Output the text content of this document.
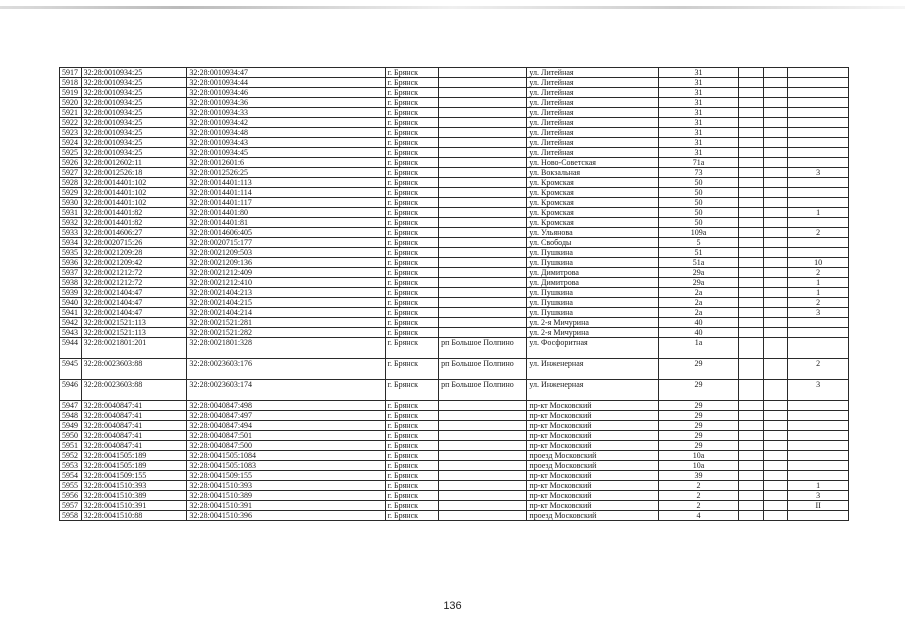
5917	32:28:0010934:25	32:28:0010934:47	г. Брянск		ул. Литейная	31			
5918	32:28:0010934:25	32:28:0010934:44	г. Брянск		ул. Литейная	31			
5919	32:28:0010934:25	32:28:0010934:46	г. Брянск		ул. Литейная	31			
5920	32:28:0010934:25	32:28:0010934:36	г. Брянск		ул. Литейная	31			
5921	32:28:0010934:25	32:28:0010934:33	г. Брянск		ул. Литейная	31			
5922	32:28:0010934:25	32:28:0010934:42	г. Брянск		ул. Литейная	31			
5923	32:28:0010934:25	32:28:0010934:48	г. Брянск		ул. Литейная	31			
5924	32:28:0010934:25	32:28:0010934:43	г. Брянск		ул. Литейная	31			
5925	32:28:0010934:25	32:28:0010934:45	г. Брянск		ул. Литейная	31			
5926	32:28:0012602:11	32:28:0012601:6	г. Брянск		ул. Ново-Советская	71а			
5927	32:28:0012526:18	32:28:0012526:25	г. Брянск		ул. Вокзальная	73			3
5928	32:28:0014401:102	32:28:0014401:113	г. Брянск		ул. Кромская	50			
5929	32:28:0014401:102	32:28:0014401:114	г. Брянск		ул. Кромская	50			
5930	32:28:0014401:102	32:28:0014401:117	г. Брянск		ул. Кромская	50			
5931	32:28:0014401:82	32:28:0014401:80	г. Брянск		ул. Кромская	50			1
5932	32:28:0014401:82	32:28:0014401:81	г. Брянск		ул. Кромская	50			
5933	32:28:0014606:27	32:28:0014606:405	г. Брянск		ул. Ульянова	109а			2
5934	32:28:0020715:26	32:28:0020715:177	г. Брянск		ул. Свободы	5			
5935	32:28:0021209:28	32:28:0021209:503	г. Брянск		ул. Пушкина	51			
5936	32:28:0021209:42	32:28:0021209:136	г. Брянск		ул. Пушкина	51а			10
5937	32:28:0021212:72	32:28:0021212:409	г. Брянск		ул. Димитрова	29а			2
5938	32:28:0021212:72	32:28:0021212:410	г. Брянск		ул. Димитрова	29а			1
5939	32:28:0021404:47	32:28:0021404:213	г. Брянск		ул. Пушкина	2а			1
5940	32:28:0021404:47	32:28:0021404:215	г. Брянск		ул. Пушкина	2а			2
5941	32:28:0021404:47	32:28:0021404:214	г. Брянск		ул. Пушкина	2а			3
5942	32:28:0021521:113	32:28:0021521:281	г. Брянск		ул. 2-я Мичурина	40			
5943	32:28:0021521:113	32:28:0021521:282	г. Брянск		ул. 2-я Мичурина	40			
5944	32:28:0021801:201	32:28:0021801:328	г. Брянск	рп Большое Полпино	ул. Фосфоритная	1а			
5945	32:28:0023603:88	32:28:0023603:176	г. Брянск	рп Большое Полпино	ул. Инженерная	29			2
5946	32:28:0023603:88	32:28:0023603:174	г. Брянск	рп Большое Полпино	ул. Инженерная	29			3
5947	32:28:0040847:41	32:28:0040847:498	г. Брянск		пр-кт Московский	29			
5948	32:28:0040847:41	32:28:0040847:497	г. Брянск		пр-кт Московский	29			
5949	32:28:0040847:41	32:28:0040847:494	г. Брянск		пр-кт Московский	29			
5950	32:28:0040847:41	32:28:0040847:501	г. Брянск		пр-кт Московский	29			
5951	32:28:0040847:41	32:28:0040847:500	г. Брянск		пр-кт Московский	29			
5952	32:28:0041505:189	32:28:0041505:1084	г. Брянск		проезд Московский	10а			
5953	32:28:0041505:189	32:28:0041505:1083	г. Брянск		проезд Московский	10а			
5954	32:28:0041509:155	32:28:0041509:155	г. Брянск		пр-кт Московский	39			
5955	32:28:0041510:393	32:28:0041510:393	г. Брянск		пр-кт Московский	2			1
5956	32:28:0041510:389	32:28:0041510:389	г. Брянск		пр-кт Московский	2			3
5957	32:28:0041510:391	32:28:0041510:391	г. Брянск		пр-кт Московский	2			II
5958	32:28:0041510:88	32:28:0041510:396	г. Брянск		проезд Московский	4			
136
